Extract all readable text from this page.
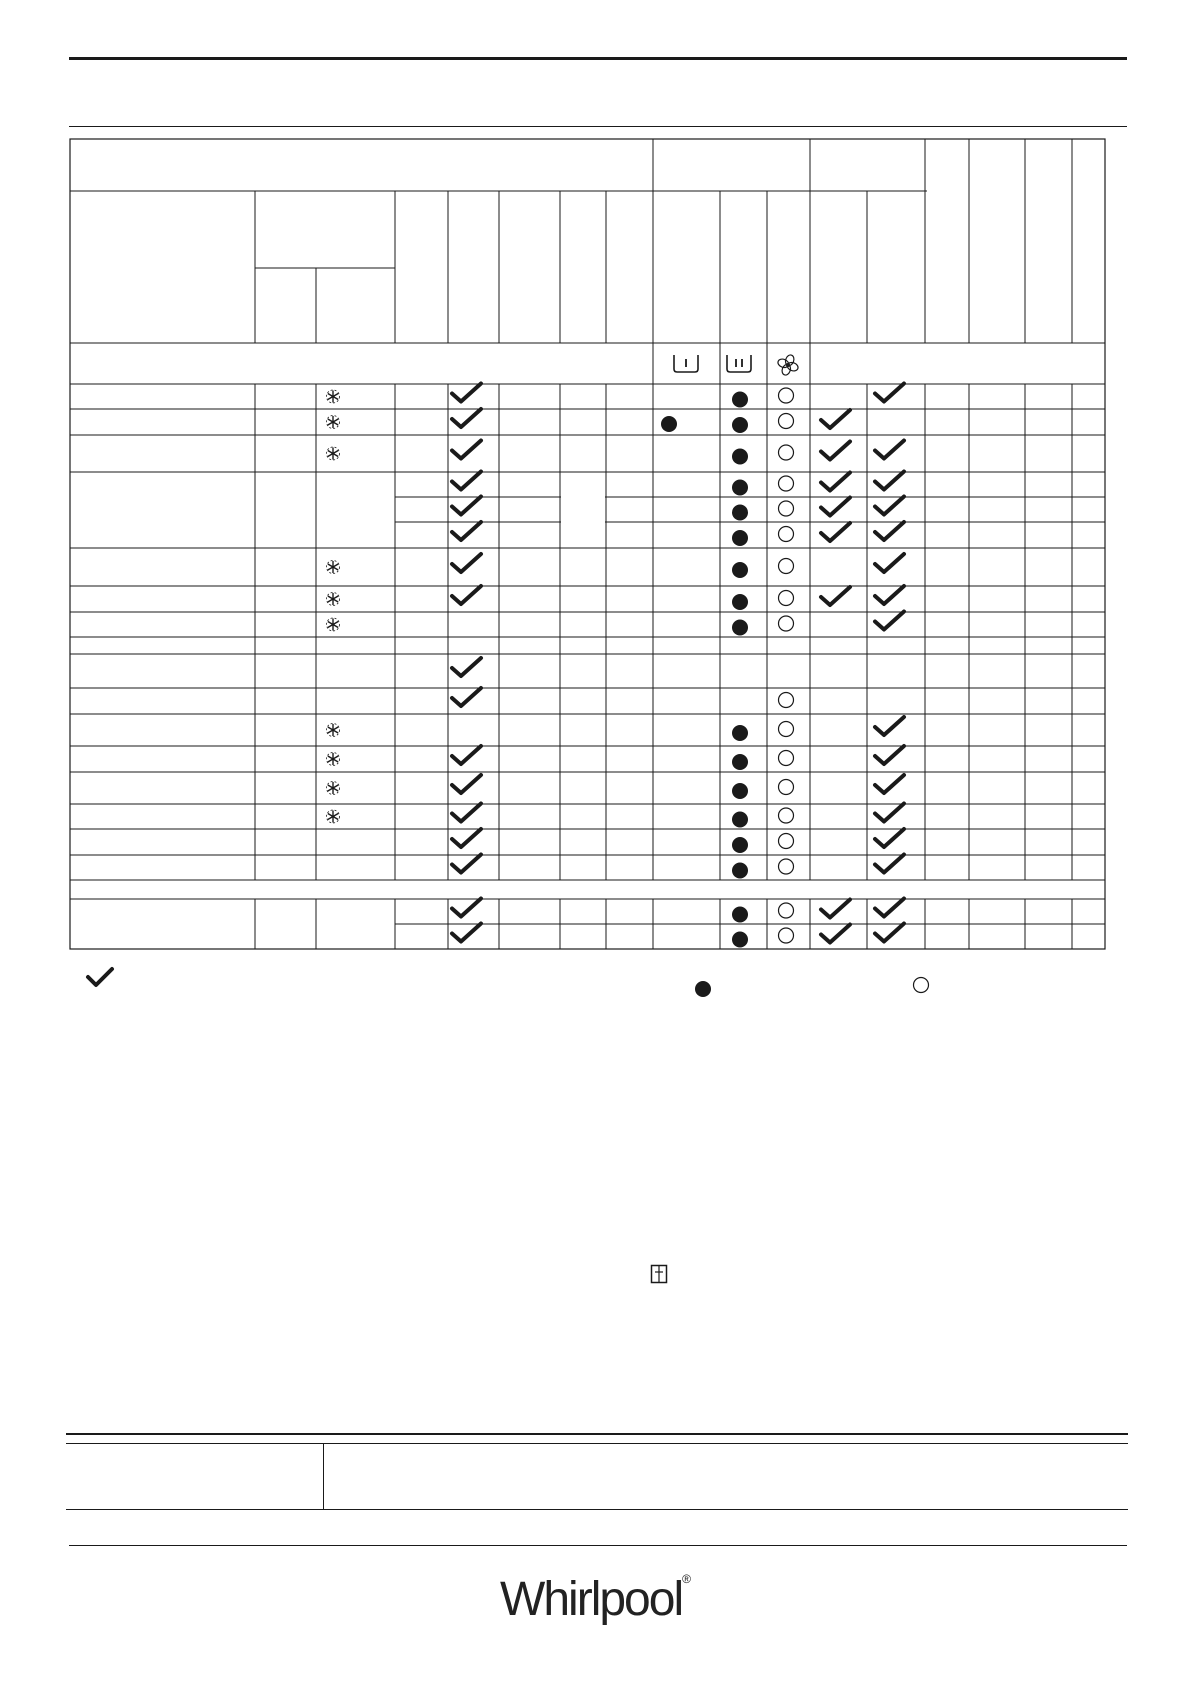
Whirlpool®
